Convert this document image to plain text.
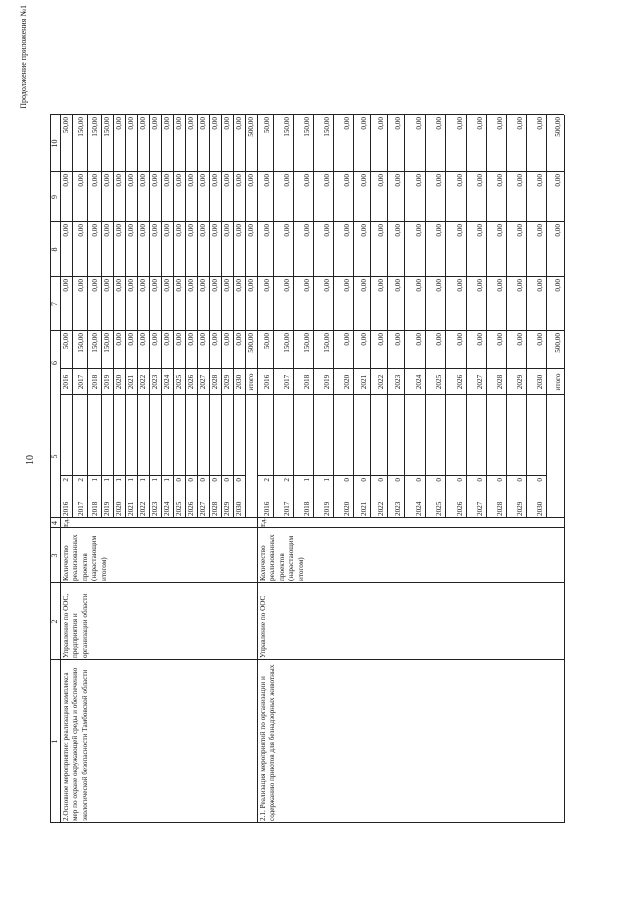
10
Продолжение приложения №1
1
2
3
4
5
6
7
8
9
10
2.Основное мероприятие: реализация комплекса мер по охране окружающей среды и обеспечению экологической безопасности Тамбовской области
Управление по ООС, предприятия и организации области
Количество реализованных проектов (нарастающим итогом)
Ед.
2016
2
2016
50,00
0,00
0,00
0,00
50,00
2017
2
2017
150,00
0,00
0,00
0,00
150,00
2018
1
2018
150,00
0,00
0,00
0,00
150,00
2019
1
2019
150,00
0,00
0,00
0,00
150,00
2020
1
2020
0,00
0,00
0,00
0,00
0,00
2021
1
2021
0,00
0,00
0,00
0,00
0,00
2022
1
2022
0,00
0,00
0,00
0,00
0,00
2023
1
2023
0,00
0,00
0,00
0,00
0,00
2024
1
2024
0,00
0,00
0,00
0,00
0,00
2025
0
2025
0,00
0,00
0,00
0,00
0,00
2026
0
2026
0,00
0,00
0,00
0,00
0,00
2027
0
2027
0,00
0,00
0,00
0,00
0,00
2028
0
2028
0,00
0,00
0,00
0,00
0,00
2029
0
2029
0,00
0,00
0,00
0,00
0,00
2030
0
2030
0,00
0,00
0,00
0,00
0,00
итого
500,00
0,00
0,00
0,00
500,00
2.1. Реализация мероприятий по организации и содержанию приютов для безнадзорных животных
Управление по ООС
Количество реализованных проектов (нарастающим итогом)
Ед.
2016
2
2016
50,00
0,00
0,00
0,00
50,00
2017
2
2017
150,00
0,00
0,00
0,00
150,00
2018
1
2018
150,00
0,00
0,00
0,00
150,00
2019
1
2019
150,00
0,00
0,00
0,00
150,00
2020
0
2020
0,00
0,00
0,00
0,00
0,00
2021
0
2021
0,00
0,00
0,00
0,00
0,00
2022
0
2022
0,00
0,00
0,00
0,00
0,00
2023
0
2023
0,00
0,00
0,00
0,00
0,00
2024
0
2024
0,00
0,00
0,00
0,00
0,00
2025
0
2025
0,00
0,00
0,00
0,00
0,00
2026
0
2026
0,00
0,00
0,00
0,00
0,00
2027
0
2027
0,00
0,00
0,00
0,00
0,00
2028
0
2028
0,00
0,00
0,00
0,00
0,00
2029
0
2029
0,00
0,00
0,00
0,00
0,00
2030
0
2030
0,00
0,00
0,00
0,00
0,00
итого
500,00
0,00
0,00
0,00
500,00
